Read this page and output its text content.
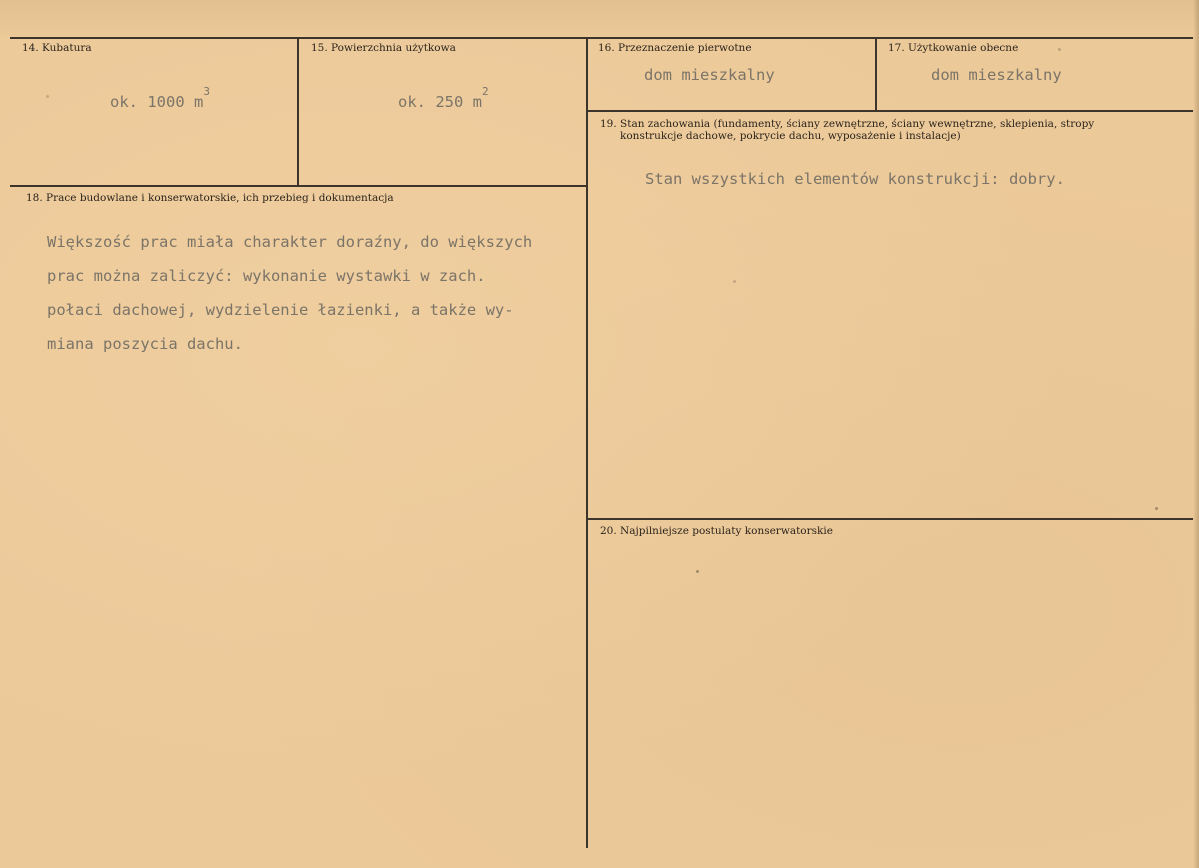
14. Kubatura
ok. 1000 $m^3$
15. Powierzchnia użytkowa
ok. 250 $m^2$
16. Przeznaczenie pierwotne
dom mieszkalny
17. Użytkowanie obecne
dom mieszkalny
18. Prace budowlane i konserwatorskie, ich przebieg i dokumentacja
Większość prac miała charakter doraźny, do większych
prac można zaliczyć: wykonanie wystawki w zach.
połaci dachowej, wydzielenie łazienki, a także wy-
miana poszycia dachu.
19. Stan zachowania (fundamenty, ściany zewnętrzne, ściany wewnętrzne, sklepienia, stropy
konstrukcje dachowe, pokrycie dachu, wyposażenie i instalacje)
Stan wszystkich elementów konstrukcji: dobry.
20. Najpilniejsze postulaty konserwatorskie
